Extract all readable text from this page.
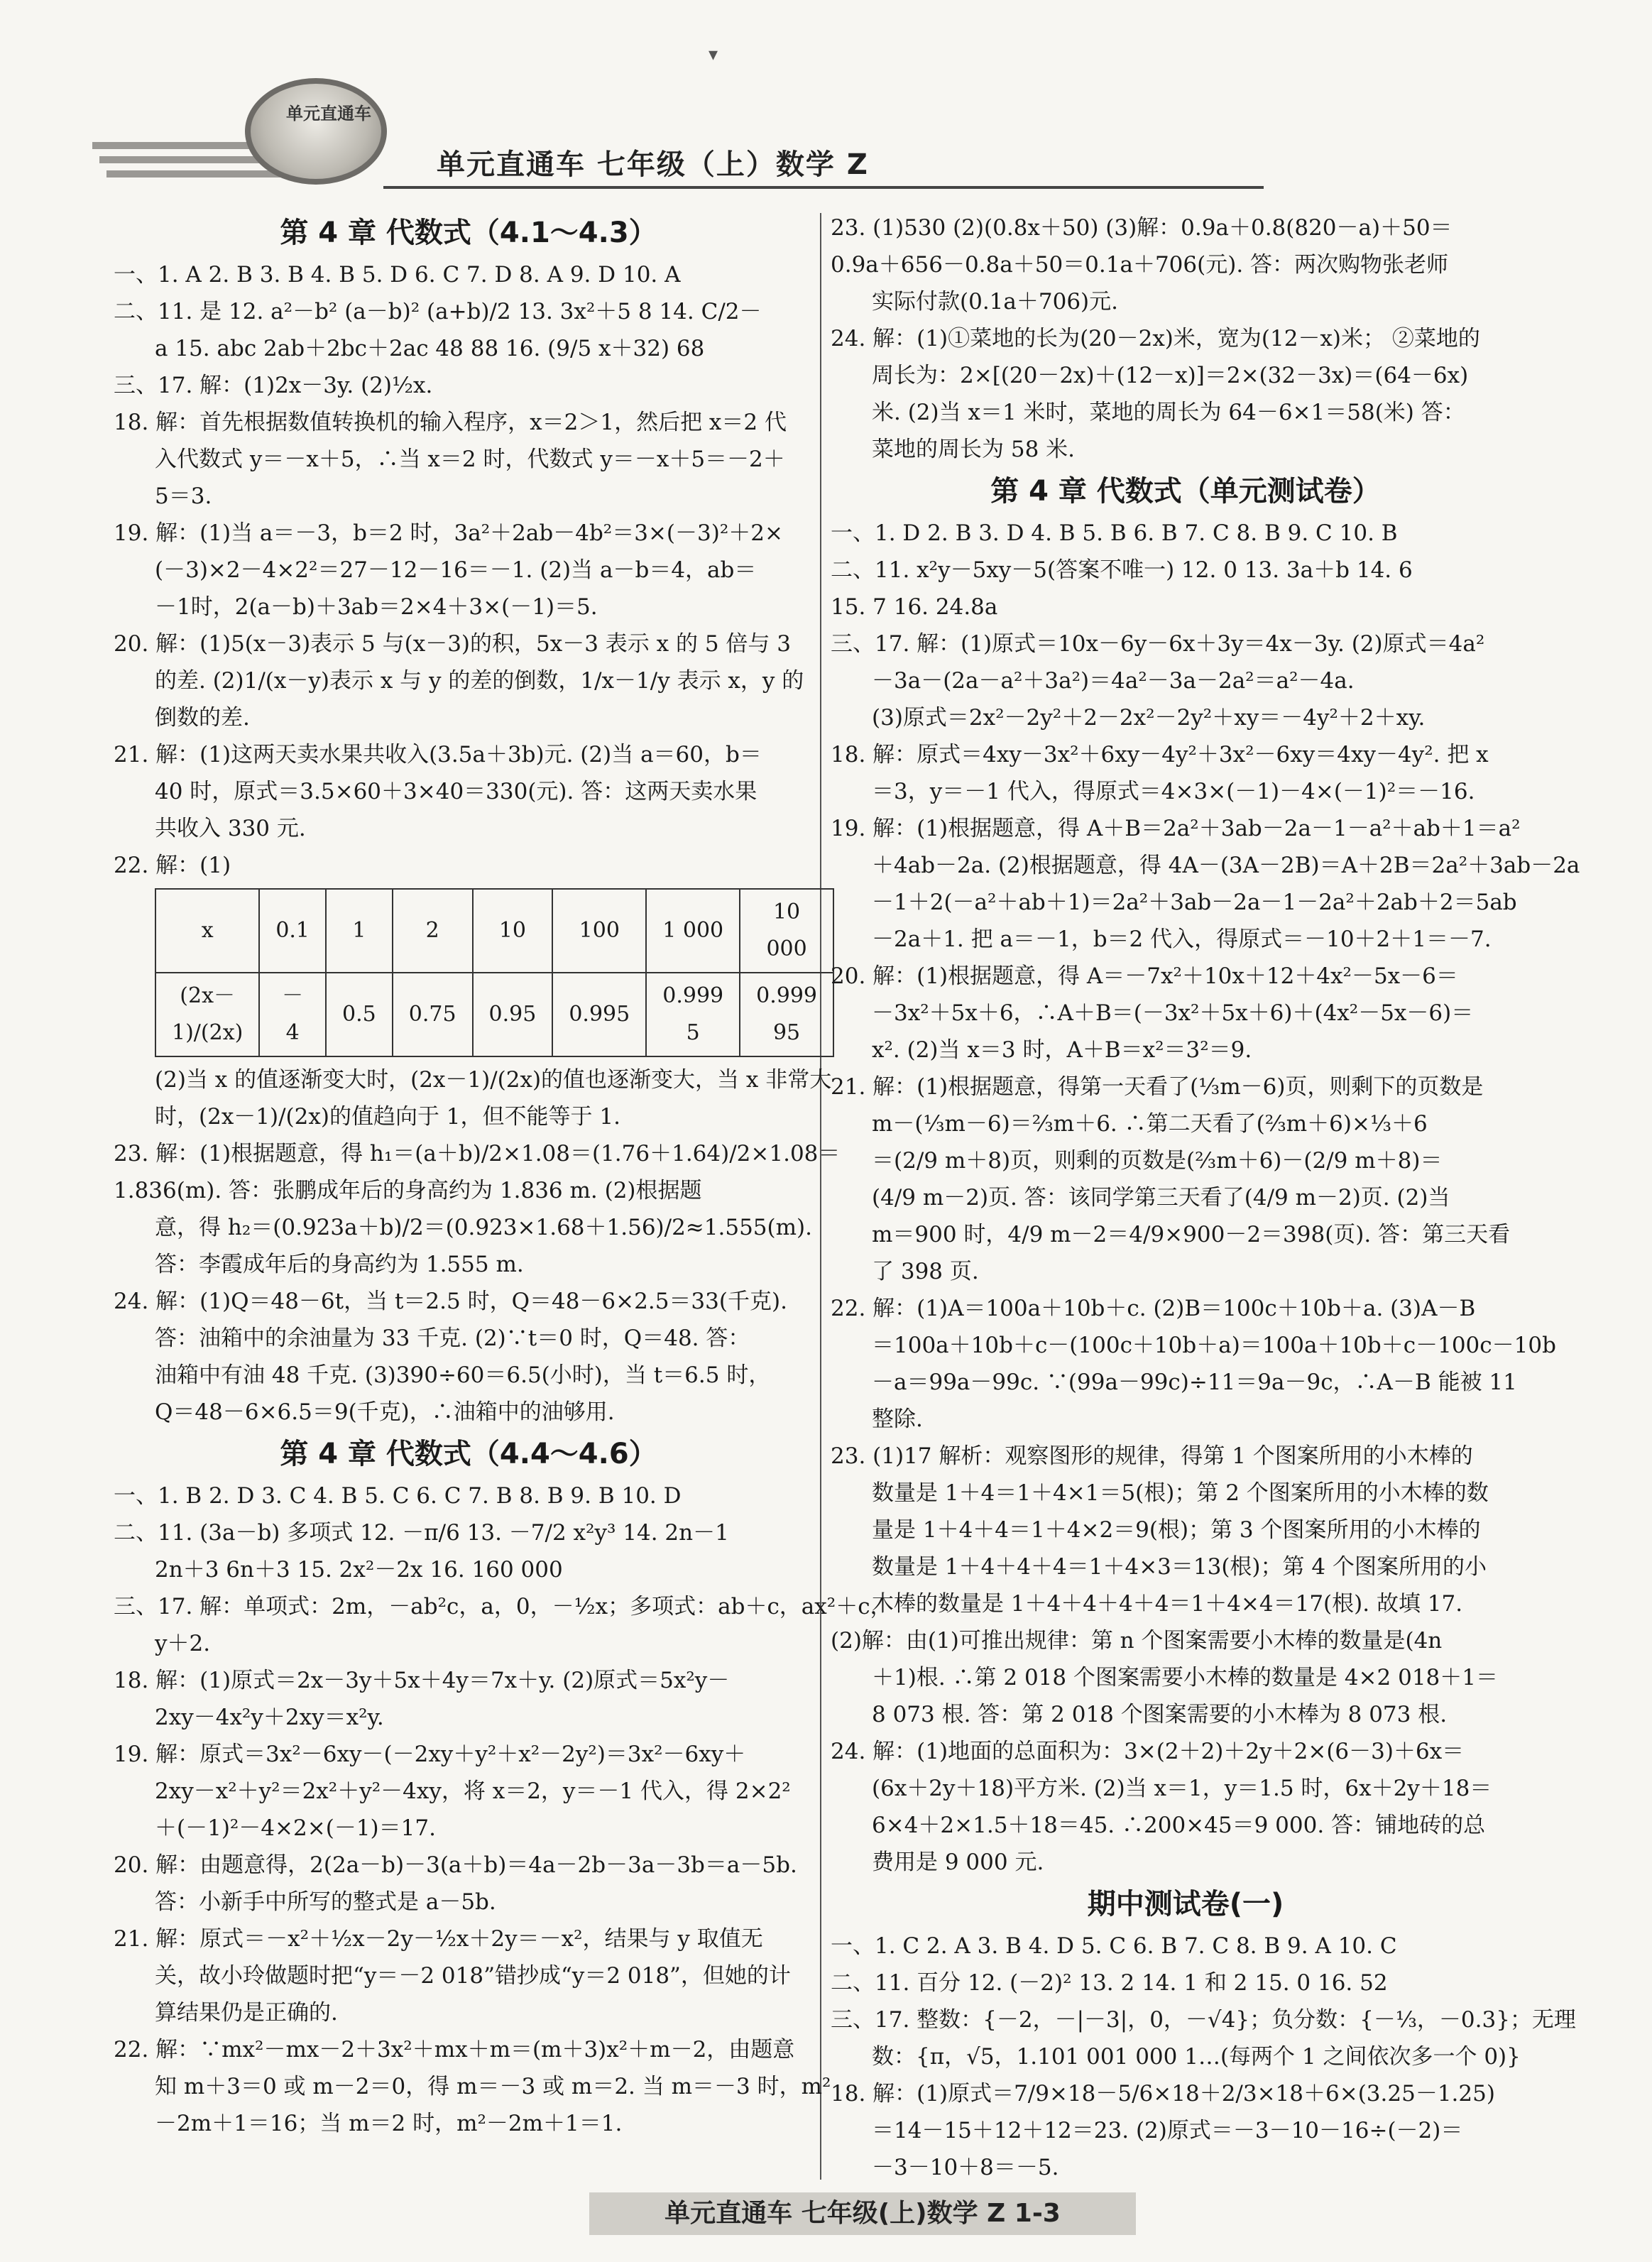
▾
单元直通车
单元直通车 七年级（上）数学 Z
第 4 章 代数式（4.1～4.3）
一、1. A 2. B 3. B 4. B 5. D 6. C 7. D 8. A 9. D 10. A
二、11. 是 12. a²－b² (a－b)² (a+b)/2 13. 3x²＋5 8 14. C/2－
a 15. abc 2ab＋2bc＋2ac 48 88 16. (9/5 x＋32) 68
三、17. 解：(1)2x－3y. (2)½x.
18. 解：首先根据数值转换机的输入程序，x＝2＞1，然后把 x＝2 代
入代数式 y＝－x＋5，∴当 x＝2 时，代数式 y＝－x＋5＝－2＋
5＝3.
19. 解：(1)当 a＝－3，b＝2 时，3a²＋2ab－4b²＝3×(－3)²＋2×
(－3)×2－4×2²＝27－12－16＝－1. (2)当 a－b＝4，ab＝
－1时，2(a－b)＋3ab＝2×4＋3×(－1)＝5.
20. 解：(1)5(x－3)表示 5 与(x－3)的积，5x－3 表示 x 的 5 倍与 3
的差. (2)1/(x－y)表示 x 与 y 的差的倒数，1/x－1/y 表示 x，y 的
倒数的差.
21. 解：(1)这两天卖水果共收入(3.5a＋3b)元. (2)当 a＝60，b＝
40 时，原式＝3.5×60＋3×40＝330(元). 答：这两天卖水果
共收入 330 元.
22. 解：(1)
x	0.1	1	2	10	100	1 000	10 000
(2x－1)/(2x)	－4	0.5	0.75	0.95	0.995	0.999 5	0.999 95
(2)当 x 的值逐渐变大时，(2x－1)/(2x)的值也逐渐变大，当 x 非常大
时，(2x－1)/(2x)的值趋向于 1，但不能等于 1.
23. 解：(1)根据题意，得 h₁＝(a＋b)/2×1.08＝(1.76＋1.64)/2×1.08＝
1.836(m). 答：张鹏成年后的身高约为 1.836 m. (2)根据题
意，得 h₂＝(0.923a＋b)/2＝(0.923×1.68＋1.56)/2≈1.555(m).
答：李霞成年后的身高约为 1.555 m.
24. 解：(1)Q＝48－6t，当 t＝2.5 时，Q＝48－6×2.5＝33(千克).
答：油箱中的余油量为 33 千克. (2)∵t＝0 时，Q＝48. 答：
油箱中有油 48 千克. (3)390÷60＝6.5(小时)，当 t＝6.5 时，
Q＝48－6×6.5＝9(千克)，∴油箱中的油够用.
第 4 章 代数式（4.4～4.6）
一、1. B 2. D 3. C 4. B 5. C 6. C 7. B 8. B 9. B 10. D
二、11. (3a－b) 多项式 12. －π/6 13. －7/2 x²y³ 14. 2n－1
2n＋3 6n＋3 15. 2x²－2x 16. 160 000
三、17. 解：单项式：2m，－ab²c，a，0，－½x；多项式：ab＋c，ax²＋c，
y＋2.
18. 解：(1)原式＝2x－3y＋5x＋4y＝7x＋y. (2)原式＝5x²y－
2xy－4x²y＋2xy＝x²y.
19. 解：原式＝3x²－6xy－(－2xy＋y²＋x²－2y²)＝3x²－6xy＋
2xy－x²＋y²＝2x²＋y²－4xy，将 x＝2，y＝－1 代入，得 2×2²
＋(－1)²－4×2×(－1)＝17.
20. 解：由题意得，2(2a－b)－3(a＋b)＝4a－2b－3a－3b＝a－5b.
答：小新手中所写的整式是 a－5b.
21. 解：原式＝－x²＋½x－2y－½x＋2y＝－x²，结果与 y 取值无
关，故小玲做题时把“y＝－2 018”错抄成“y＝2 018”，但她的计
算结果仍是正确的.
22. 解：∵mx²－mx－2＋3x²＋mx＋m＝(m＋3)x²＋m－2，由题意
知 m＋3＝0 或 m－2＝0，得 m＝－3 或 m＝2. 当 m＝－3 时，m²
－2m＋1＝16；当 m＝2 时，m²－2m＋1＝1.
23. (1)530 (2)(0.8x＋50) (3)解：0.9a＋0.8(820－a)＋50＝
0.9a＋656－0.8a＋50＝0.1a＋706(元). 答：两次购物张老师
实际付款(0.1a＋706)元.
24. 解：(1)①菜地的长为(20－2x)米，宽为(12－x)米； ②菜地的
周长为：2×[(20－2x)＋(12－x)]＝2×(32－3x)＝(64－6x)
米. (2)当 x＝1 米时，菜地的周长为 64－6×1＝58(米) 答：
菜地的周长为 58 米.
第 4 章 代数式（单元测试卷）
一、1. D 2. B 3. D 4. B 5. B 6. B 7. C 8. B 9. C 10. B
二、11. x²y－5xy－5(答案不唯一) 12. 0 13. 3a＋b 14. 6
15. 7 16. 24.8a
三、17. 解：(1)原式＝10x－6y－6x＋3y＝4x－3y. (2)原式＝4a²
－3a－(2a－a²＋3a²)＝4a²－3a－2a²＝a²－4a.
(3)原式＝2x²－2y²＋2－2x²－2y²＋xy＝－4y²＋2＋xy.
18. 解：原式＝4xy－3x²＋6xy－4y²＋3x²－6xy＝4xy－4y². 把 x
＝3，y＝－1 代入，得原式＝4×3×(－1)－4×(－1)²＝－16.
19. 解：(1)根据题意，得 A＋B＝2a²＋3ab－2a－1－a²＋ab＋1＝a²
＋4ab－2a. (2)根据题意，得 4A－(3A－2B)＝A＋2B＝2a²＋3ab－2a
－1＋2(－a²＋ab＋1)＝2a²＋3ab－2a－1－2a²＋2ab＋2＝5ab
－2a＋1. 把 a＝－1，b＝2 代入，得原式＝－10＋2＋1＝－7.
20. 解：(1)根据题意，得 A＝－7x²＋10x＋12＋4x²－5x－6＝
－3x²＋5x＋6，∴A＋B＝(－3x²＋5x＋6)＋(4x²－5x－6)＝
x². (2)当 x＝3 时，A＋B＝x²＝3²＝9.
21. 解：(1)根据题意，得第一天看了(⅓m－6)页，则剩下的页数是
m－(⅓m－6)＝⅔m＋6. ∴第二天看了(⅔m＋6)×⅓＋6
＝(2/9 m＋8)页，则剩的页数是(⅔m＋6)－(2/9 m＋8)＝
(4/9 m－2)页. 答：该同学第三天看了(4/9 m－2)页. (2)当
m＝900 时，4/9 m－2＝4/9×900－2＝398(页). 答：第三天看
了 398 页.
22. 解：(1)A＝100a＋10b＋c. (2)B＝100c＋10b＋a. (3)A－B
＝100a＋10b＋c－(100c＋10b＋a)＝100a＋10b＋c－100c－10b
－a＝99a－99c. ∵(99a－99c)÷11＝9a－9c，∴A－B 能被 11
整除.
23. (1)17 解析：观察图形的规律，得第 1 个图案所用的小木棒的
数量是 1＋4＝1＋4×1＝5(根)；第 2 个图案所用的小木棒的数
量是 1＋4＋4＝1＋4×2＝9(根)；第 3 个图案所用的小木棒的
数量是 1＋4＋4＋4＝1＋4×3＝13(根)；第 4 个图案所用的小
木棒的数量是 1＋4＋4＋4＋4＝1＋4×4＝17(根). 故填 17.
(2)解：由(1)可推出规律：第 n 个图案需要小木棒的数量是(4n
＋1)根. ∴第 2 018 个图案需要小木棒的数量是 4×2 018＋1＝
8 073 根. 答：第 2 018 个图案需要的小木棒为 8 073 根.
24. 解：(1)地面的总面积为：3×(2＋2)＋2y＋2×(6－3)＋6x＝
(6x＋2y＋18)平方米. (2)当 x＝1，y＝1.5 时，6x＋2y＋18＝
6×4＋2×1.5＋18＝45. ∴200×45＝9 000. 答：铺地砖的总
费用是 9 000 元.
期中测试卷(一)
一、1. C 2. A 3. B 4. D 5. C 6. B 7. C 8. B 9. A 10. C
二、11. 百分 12. (－2)² 13. 2 14. 1 和 2 15. 0 16. 52
三、17. 整数：{－2，－|－3|，0，－√4}；负分数：{－⅓，－0.3}；无理
数：{π，√5，1.101 001 000 1…(每两个 1 之间依次多一个 0)}
18. 解：(1)原式＝7/9×18－5/6×18＋2/3×18＋6×(3.25－1.25)
＝14－15＋12＋12＝23. (2)原式＝－3－10－16÷(－2)＝
－3－10＋8＝－5.
单元直通车 七年级(上)数学 Z 1-3
